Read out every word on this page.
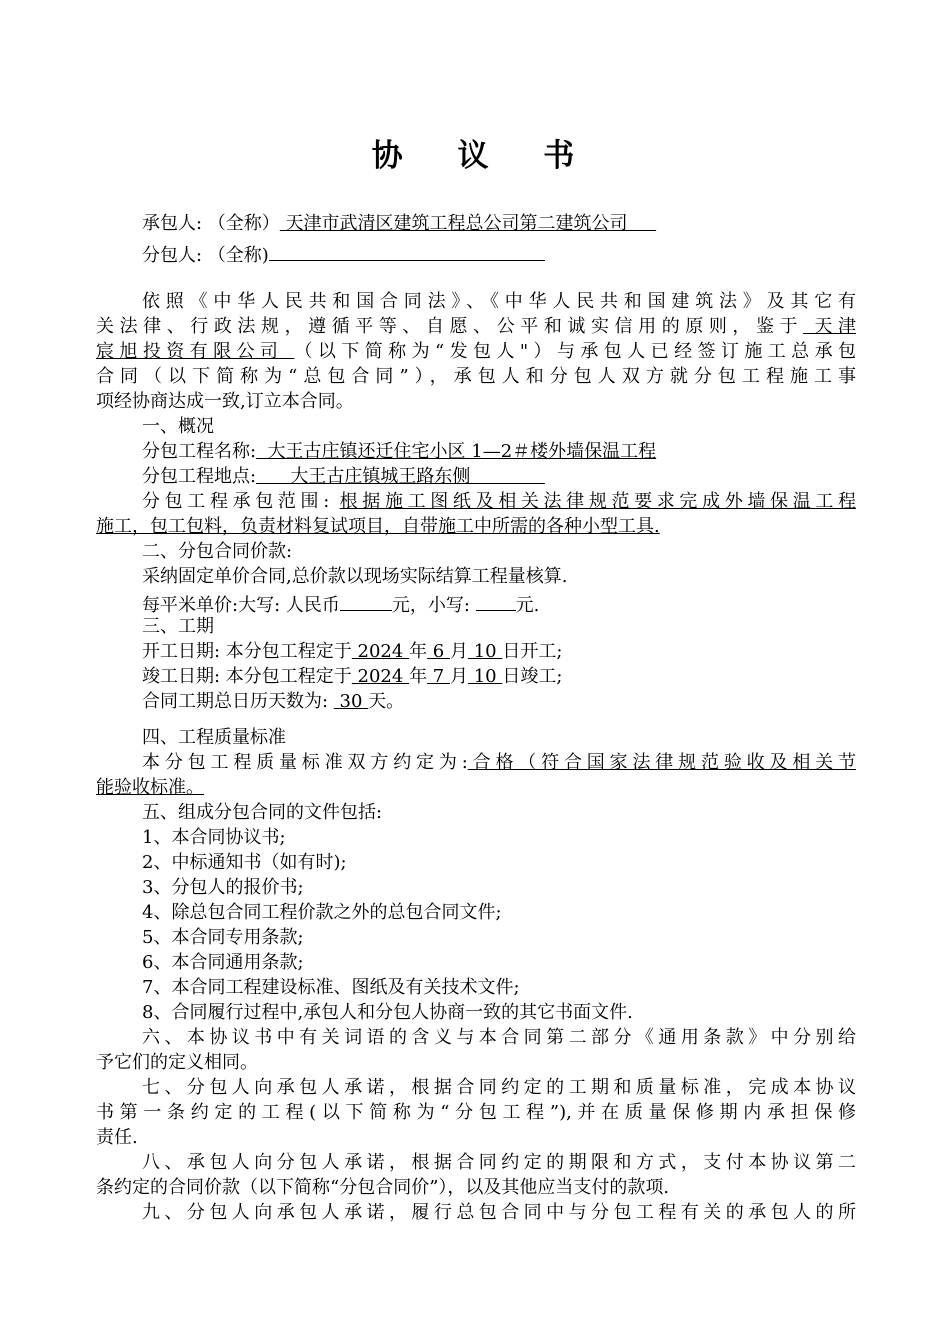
协 议 书
承包人: （全称） 天津市武清区建筑工程总公司第二建筑公司
分包人: （全称)
依照《中华人民共和国合同法》、《中华人民共和国建筑法》及其它有
关法律、行政法规，遵循平等、自愿、公平和诚实信用的原则，鉴于 天津
宸旭投资有限公司 （以下简称为“发包人"）与承包人已经签订施工总承包
合同（以下简称为“总包合同”），承包人和分包人双方就分包工程施工事
项经协商达成一致,订立本合同。
一、概况
分包工程名称:  大王古庄镇还迁住宅小区 1—2＃楼外墙保温工程
分包工程地点:      大王古庄镇城王路东侧
分包工程承包范围: 根据施工图纸及相关法律规范要求完成外墙保温工程
施工，包工包料，负责材料复试项目，自带施工中所需的各种小型工具.
二、分包合同价款:
采纳固定单价合同,总价款以现场实际结算工程量核算.
每平米单价:大写: 人民币	元，小写: 元.
三、工期
开工日期: 本分包工程定于 2024 年 6 月 10 日开工;
竣工日期: 本分包工程定于 2024 年 7 月 10 日竣工;
合同工期总日历天数为:  30 天。
四、工程质量标准
本分包工程质量标准双方约定为:合格（符合国家法律规范验收及相关节
能验收标准。
五、组成分包合同的文件包括:
1、本合同协议书;
2、中标通知书（如有时);
3、分包人的报价书;
4、除总包合同工程价款之外的总包合同文件;
5、本合同专用条款;
6、本合同通用条款;
7、本合同工程建设标准、图纸及有关技术文件;
8、合同履行过程中,承包人和分包人协商一致的其它书面文件.
六、本协议书中有关词语的含义与本合同第二部分《通用条款》中分别给
予它们的定义相同。
七、分包人向承包人承诺，根据合同约定的工期和质量标准，完成本协议
书第一条约定的工程(以下简称为“分包工程”),并在质量保修期内承担保修
责任.
八、承包人向分包人承诺，根据合同约定的期限和方式，支付本协议第二
条约定的合同价款（以下简称“分包合同价”），以及其他应当支付的款项.
九、分包人向承包人承诺，履行总包合同中与分包工程有关的承包人的所
